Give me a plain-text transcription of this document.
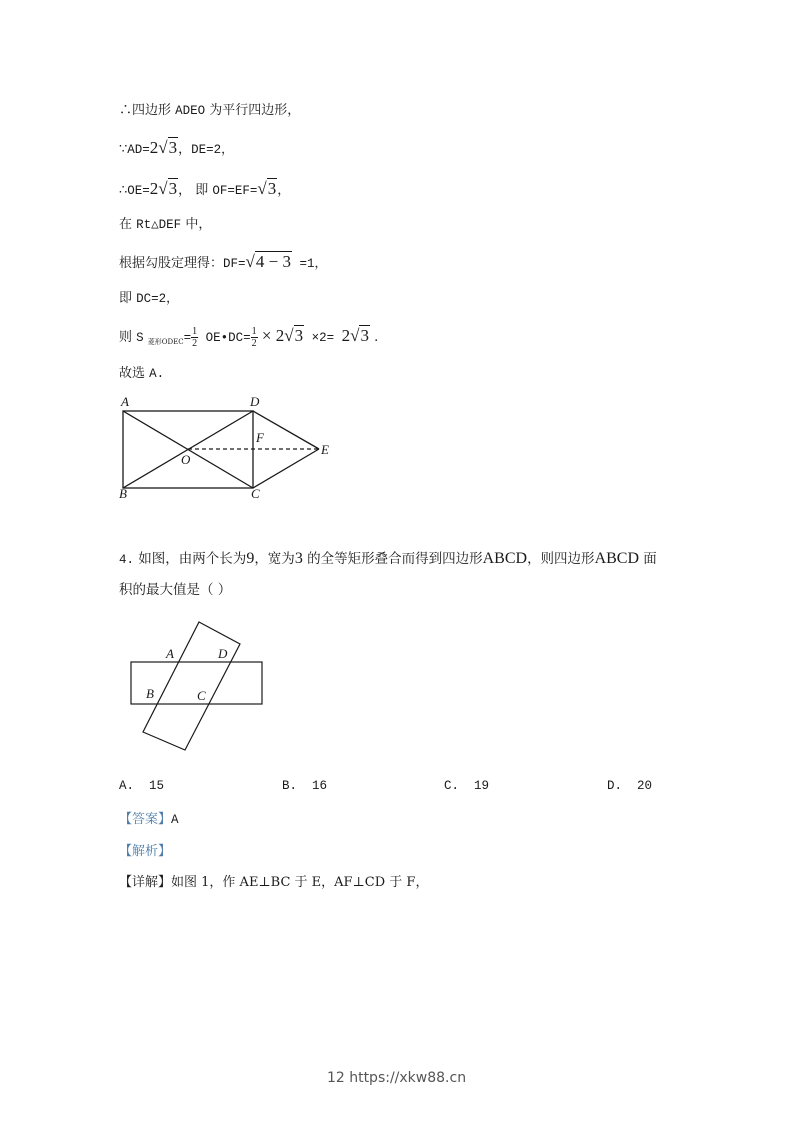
∴四边形 ADEO 为平行四边形，
∵AD=2√3，DE=2，
∴OE=2√3， 即 OF=EF=√3，
在 Rt△DEF 中，
根据勾股定理得：DF=√4 − 3 =1，
即 DC=2，
则 S $_{菱形ODEC}= \frac{1}{2}$ OE•DC= $\frac{1}{2} \times 2√3 \times 2= 2√3$ .
故选 A.
A	D
F
E
O
B	C
4. 如图，由两个长为9，宽为3 的全等矩形叠合而得到四边形ABCD，则四边形ABCD 面
积的最大值是（ ）
A	D
B	C
A. 15	B. 16	C. 19	D. 20
【答案】A
【解析】
【详解】如图 1，作 AE⊥BC 于 E，AF⊥CD 于 F，
12 https://xkw88.cn
